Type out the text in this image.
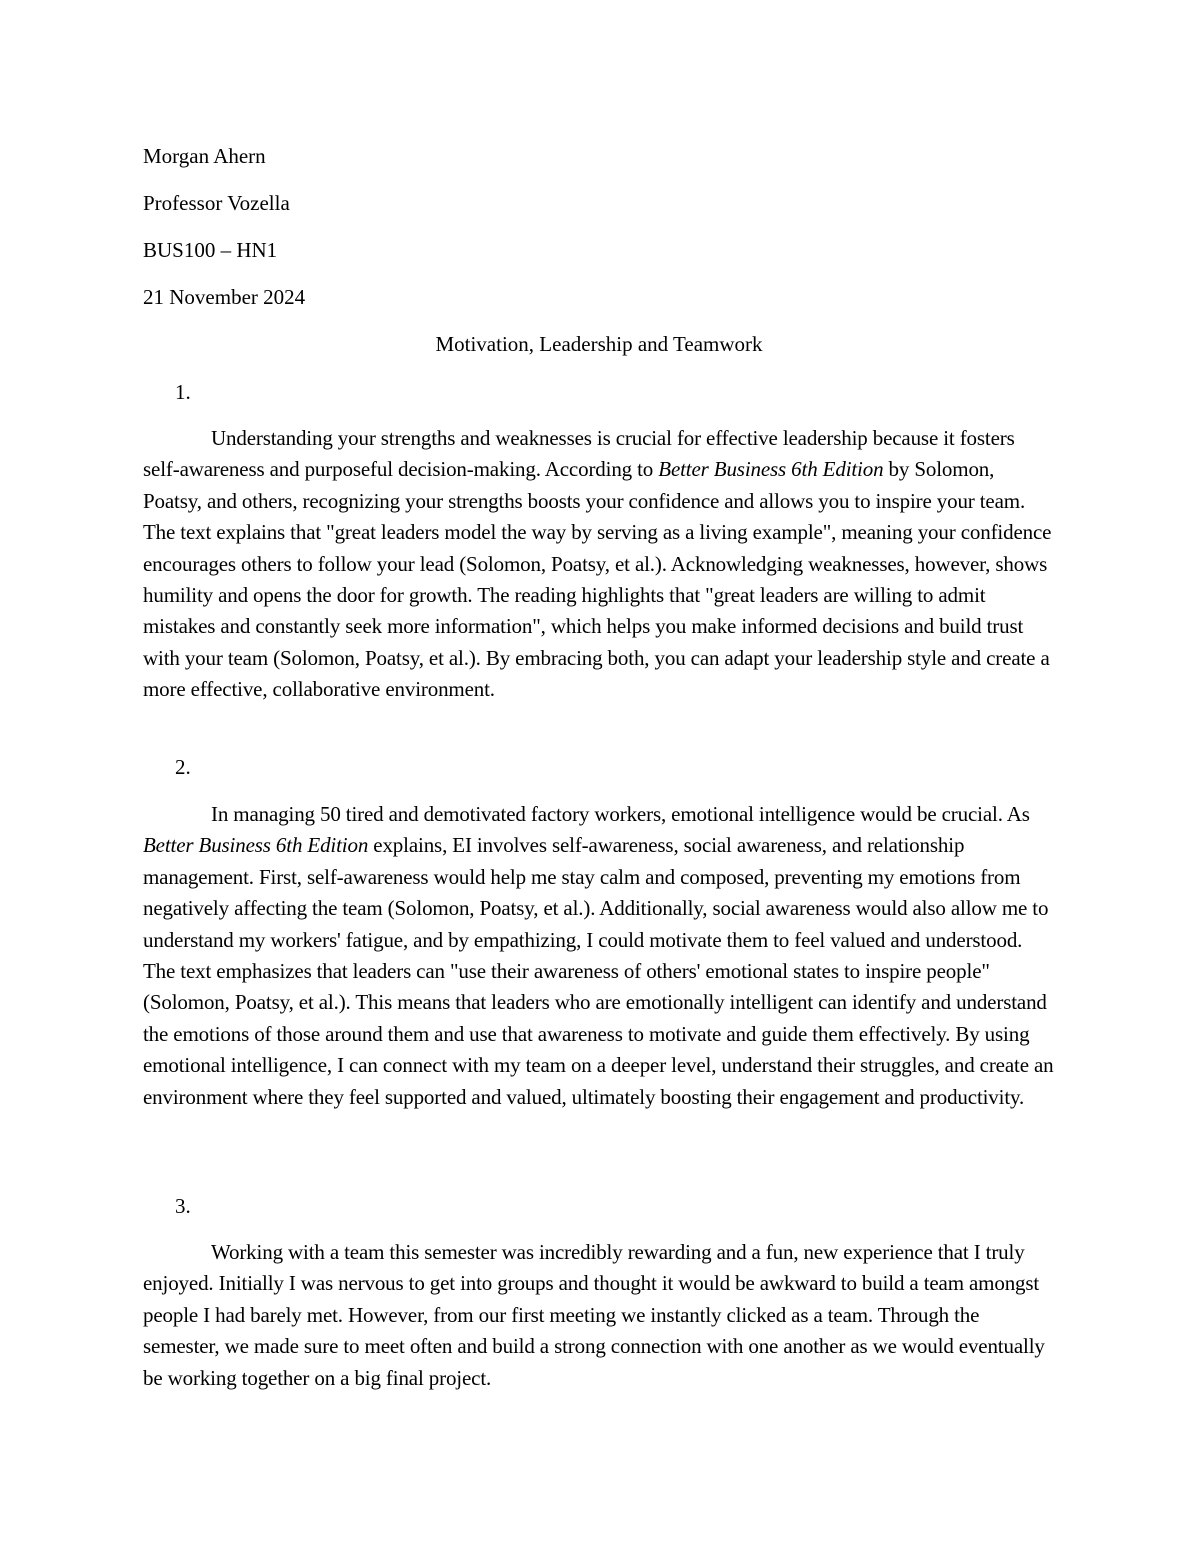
Morgan Ahern
Professor Vozella
BUS100 – HN1
21 November 2024
Motivation, Leadership and Teamwork
1.

Understanding your strengths and weaknesses is crucial for effective leadership because it fosters self-awareness and purposeful decision-making. According to Better Business 6th Edition by Solomon, Poatsy, and others, recognizing your strengths boosts your confidence and allows you to inspire your team. The text explains that "great leaders model the way by serving as a living example", meaning your confidence encourages others to follow your lead (Solomon, Poatsy, et al.). Acknowledging weaknesses, however, shows humility and opens the door for growth. The reading highlights that "great leaders are willing to admit mistakes and constantly seek more information", which helps you make informed decisions and build trust with your team (Solomon, Poatsy, et al.). By embracing both, you can adapt your leadership style and create a more effective, collaborative environment.

2.

In managing 50 tired and demotivated factory workers, emotional intelligence would be crucial. As Better Business 6th Edition explains, EI involves self-awareness, social awareness, and relationship management. First, self-awareness would help me stay calm and composed, preventing my emotions from negatively affecting the team (Solomon, Poatsy, et al.). Additionally, social awareness would also allow me to understand my workers' fatigue, and by empathizing, I could motivate them to feel valued and understood. The text emphasizes that leaders can "use their awareness of others' emotional states to inspire people" (Solomon, Poatsy, et al.). This means that leaders who are emotionally intelligent can identify and understand the emotions of those around them and use that awareness to motivate and guide them effectively. By using emotional intelligence, I can connect with my team on a deeper level, understand their struggles, and create an environment where they feel supported and valued, ultimately boosting their engagement and productivity.

3.

Working with a team this semester was incredibly rewarding and a fun, new experience that I truly enjoyed. Initially I was nervous to get into groups and thought it would be awkward to build a team amongst people I had barely met. However, from our first meeting we instantly clicked as a team. Through the semester, we made sure to meet often and build a strong connection with one another as we would eventually be working together on a big final project.
